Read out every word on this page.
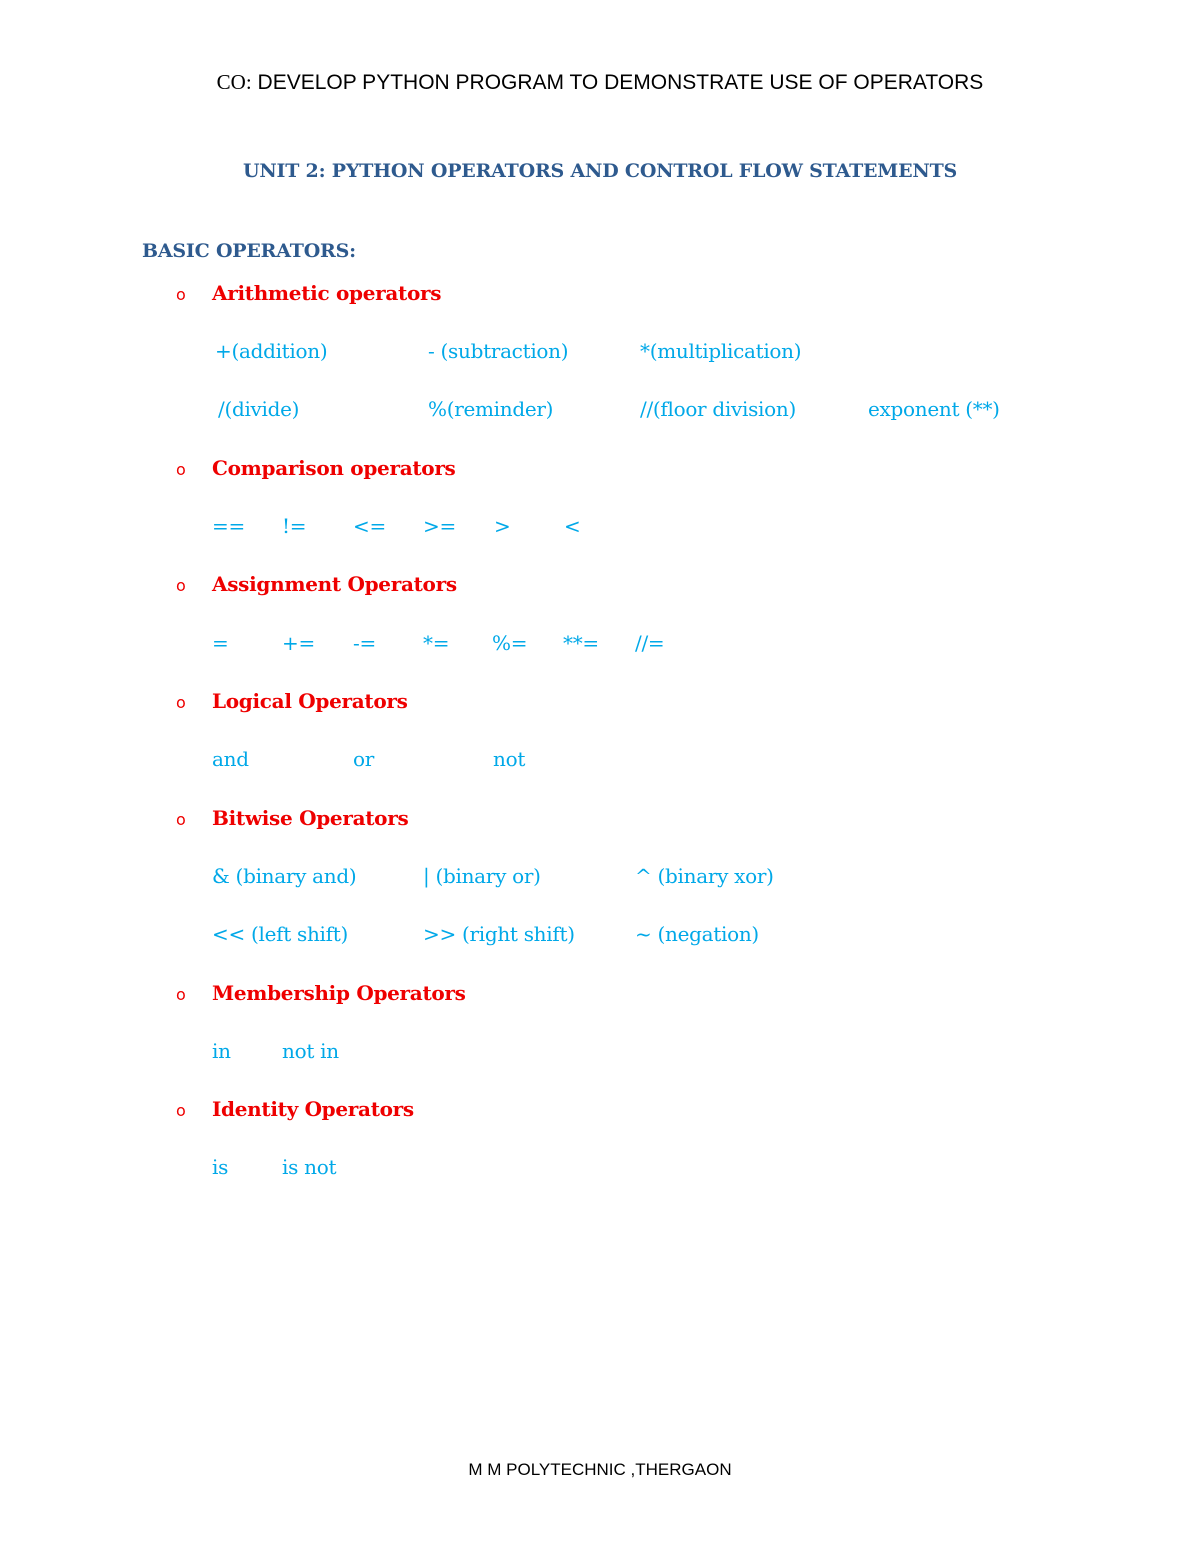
CO: DEVELOP PYTHON PROGRAM TO DEMONSTRATE USE OF OPERATORS
UNIT 2: PYTHON OPERATORS AND CONTROL FLOW STATEMENTS
BASIC OPERATORS:
o Arithmetic operators
+(addition)	- (subtraction)	*(multiplication)
/(divide)	%(reminder)	//(floor division)	exponent (**)
o Comparison operators
== != <= >= >	<
o Assignment Operators
=	+= -= *= %= **= //=
o Logical Operators
and	or	not
o Bitwise Operators
& (binary and)	| (binary or)	^ (binary xor)
<< (left shift)	>> (right shift)	~ (negation)
o Membership Operators
in	not in
o Identity Operators
is	is not
M M POLYTECHNIC ,THERGAON
